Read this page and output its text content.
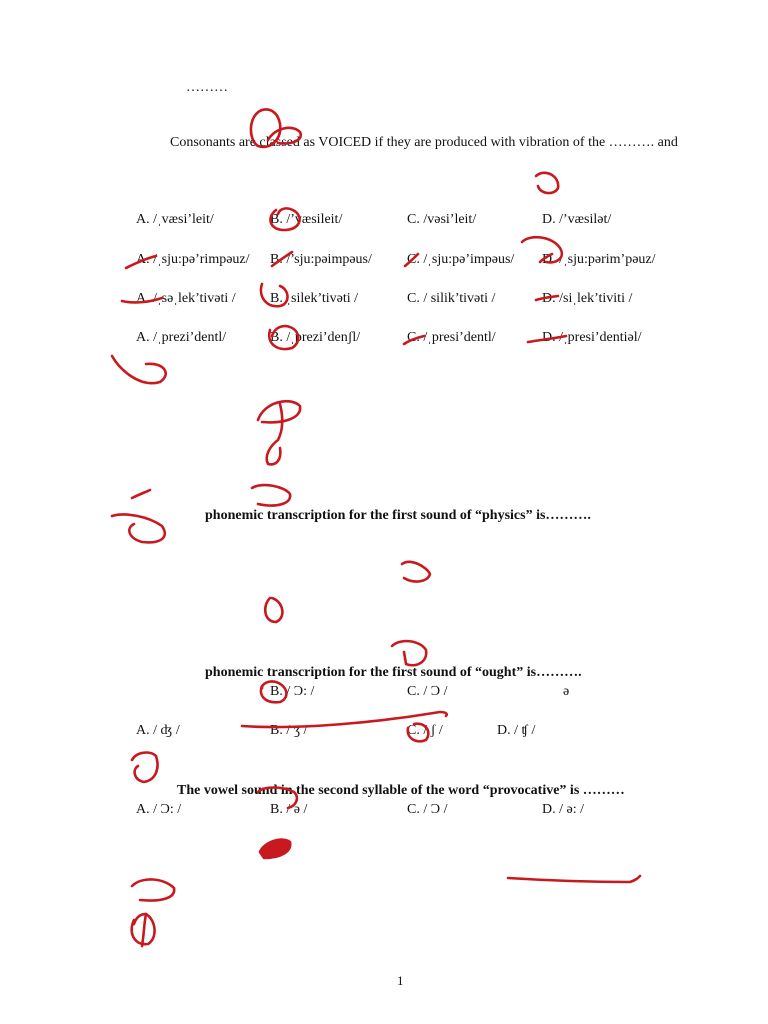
………
Consonants are classed as VOICED if they are produced with vibration of the ………. and
A. /ˌvæsi’leit/	B. /’væsileit/	C. /vəsi’leit/	D. /’væsilət/
A. /ˌsju:pə’rimpəuz/ B. /’sju:pəimpəus/	C. /ˌsju:pə’impəus/ D. /ˌsju:pərim’pəuz/
A. /ˌsəˌlek’tivəti / B. ˌsilek’tivəti /	C. / silik’tivəti /	D. /siˌlek’tiviti /
A. /ˌprezi’dentl/	B. /ˌprezi’denʃl/	C. /ˌpresi’dentl/	D. /ˌpresi’dentiəl/
phonemic transcription for the first sound of “physics” is……….
phonemic transcription for the first sound of “ought” is……….
B. / Ɔ: /	C. / Ɔ /	ə
A. / ʤ /	B. / ʒ /	C. / ʃ /	D. / ʧ /
The vowel sound in the second syllable of the word “provocative” is ………
A. / Ɔ: /	B. / ə /	C. / Ɔ /	D. / ə: /
1
